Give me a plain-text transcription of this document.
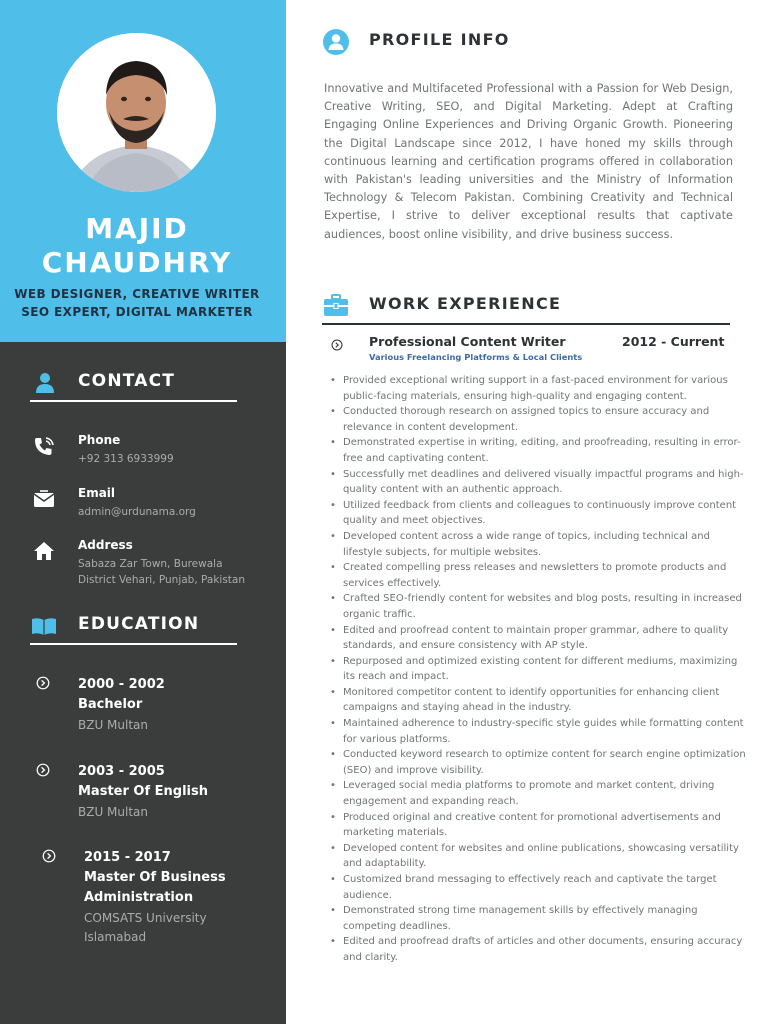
MAJID
CHAUDHRY
WEB DESIGNER, CREATIVE WRITER
SEO EXPERT, DIGITAL MARKETER
CONTACT
Phone
+92 313 6933999
Email
admin@urdunama.org
Address
Sabaza Zar Town, Burewala District Vehari, Punjab, Pakistan
EDUCATION
2000 - 2002
Bachelor
BZU Multan
2003 - 2005
Master Of English
BZU Multan
2015 - 2017
Master Of Business Administration
COMSATS University Islamabad
PROFILE INFO
Innovative and Multifaceted Professional with a Passion for Web Design, Creative Writing, SEO, and Digital Marketing. Adept at Crafting Engaging Online Experiences and Driving Organic Growth. Pioneering the Digital Landscape since 2012, I have honed my skills through continuous learning and certification programs offered in collaboration with Pakistan's leading universities and the Ministry of Information Technology & Telecom Pakistan. Combining Creativity and Technical Expertise, I strive to deliver exceptional results that captivate audiences, boost online visibility, and drive business success.
WORK EXPERIENCE
Professional Content Writer	2012 - Current
Various Freelancing Platforms & Local Clients
• Provided exceptional writing support in a fast-paced environment for various public-facing materials, ensuring high-quality and engaging content.
• Conducted thorough research on assigned topics to ensure accuracy and relevance in content development.
• Demonstrated expertise in writing, editing, and proofreading, resulting in error-free and captivating content.
• Successfully met deadlines and delivered visually impactful programs and high-quality content with an authentic approach.
• Utilized feedback from clients and colleagues to continuously improve content quality and meet objectives.
• Developed content across a wide range of topics, including technical and lifestyle subjects, for multiple websites.
• Created compelling press releases and newsletters to promote products and services effectively.
• Crafted SEO-friendly content for websites and blog posts, resulting in increased organic traffic.
• Edited and proofread content to maintain proper grammar, adhere to quality standards, and ensure consistency with AP style.
• Repurposed and optimized existing content for different mediums, maximizing its reach and impact.
• Monitored competitor content to identify opportunities for enhancing client campaigns and staying ahead in the industry.
• Maintained adherence to industry-specific style guides while formatting content for various platforms.
• Conducted keyword research to optimize content for search engine optimization (SEO) and improve visibility.
• Leveraged social media platforms to promote and market content, driving engagement and expanding reach.
• Produced original and creative content for promotional advertisements and marketing materials.
• Developed content for websites and online publications, showcasing versatility and adaptability.
• Customized brand messaging to effectively reach and captivate the target audience.
• Demonstrated strong time management skills by effectively managing competing deadlines.
• Edited and proofread drafts of articles and other documents, ensuring accuracy and clarity.
